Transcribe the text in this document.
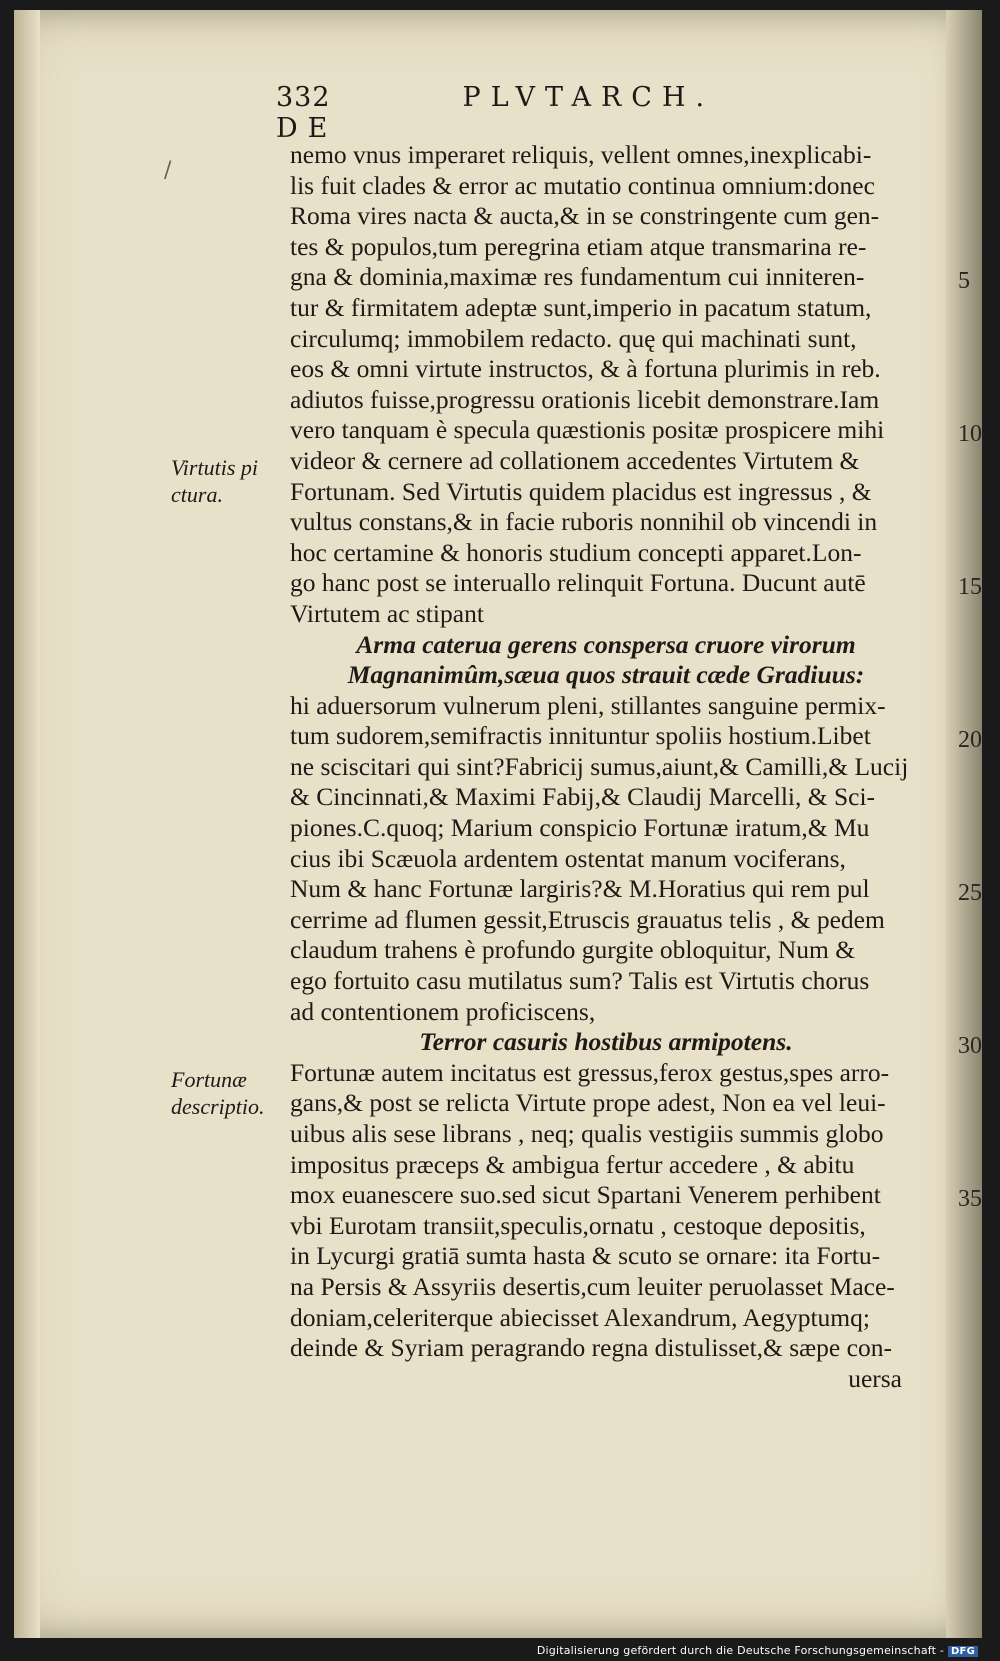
332	PLVTARCH. DE
/
nemo vnus imperaret reliquis, vellent omnes,inexplicabi-
lis fuit clades & error ac mutatio continua omnium:donec
Roma vires nacta & aucta,& in se constringente cum gen-
tes & populos,tum peregrina etiam atque transmarina re-
gna & dominia,maximæ res fundamentum cui inniteren-
tur & firmitatem adeptæ sunt,imperio in pacatum statum,
circulumq; immobilem redacto. quę qui machinati sunt,
eos & omni virtute instructos, & à fortuna plurimis in reb.
adiutos fuisse,progressu orationis licebit demonstrare.Iam
vero tanquam è specula quæstionis positæ prospicere mihi
videor & cernere ad collationem accedentes Virtutem &
Fortunam. Sed Virtutis quidem placidus est ingressus , &
vultus constans,& in facie ruboris nonnihil ob vincendi in
hoc certamine & honoris studium concepti apparet.Lon-
go hanc post se interuallo relinquit Fortuna. Ducunt autē
Virtutem ac stipant
Arma caterua gerens conspersa cruore virorum
Magnanimûm,sæua quos strauit cæde Gradiuus:
hi aduersorum vulnerum pleni, stillantes sanguine permix-
tum sudorem,semifractis innituntur spoliis hostium.Libet
ne sciscitari qui sint?Fabricij sumus,aiunt,& Camilli,& Lucij
& Cincinnati,& Maximi Fabij,& Claudij Marcelli, & Sci-
piones.C.quoq; Marium conspicio Fortunæ iratum,& Mu
cius ibi Scæuola ardentem ostentat manum vociferans,
Num & hanc Fortunæ largiris?& M.Horatius qui rem pul
cerrime ad flumen gessit,Etruscis grauatus telis , & pedem
claudum trahens è profundo gurgite obloquitur, Num &
ego fortuito casu mutilatus sum? Talis est Virtutis chorus
ad contentionem proficiscens,
Terror casuris hostibus armipotens.
Fortunæ autem incitatus est gressus,ferox gestus,spes arro-
gans,& post se relicta Virtute prope adest, Non ea vel leui-
uibus alis sese librans , neq; qualis vestigiis summis globo
impositus præceps & ambigua fertur accedere , & abitu
mox euanescere suo.sed sicut Spartani Venerem perhibent
vbi Eurotam transiit,speculis,ornatu , cestoque depositis,
in Lycurgi gratiā sumta hasta & scuto se ornare: ita Fortu-
na Persis & Assyriis desertis,cum leuiter peruolasset Mace-
doniam,celeriterque abiecisset Alexandrum, Aegyptumq;
deinde & Syriam peragrando regna distulisset,& sæpe con-
uersa
5
10
15
20
25
30
35
Virtutis pi
ctura.
Fortunæ
descriptio.
Digitalisierung gefördert durch die Deutsche Forschungsgemeinschaft - DFG
